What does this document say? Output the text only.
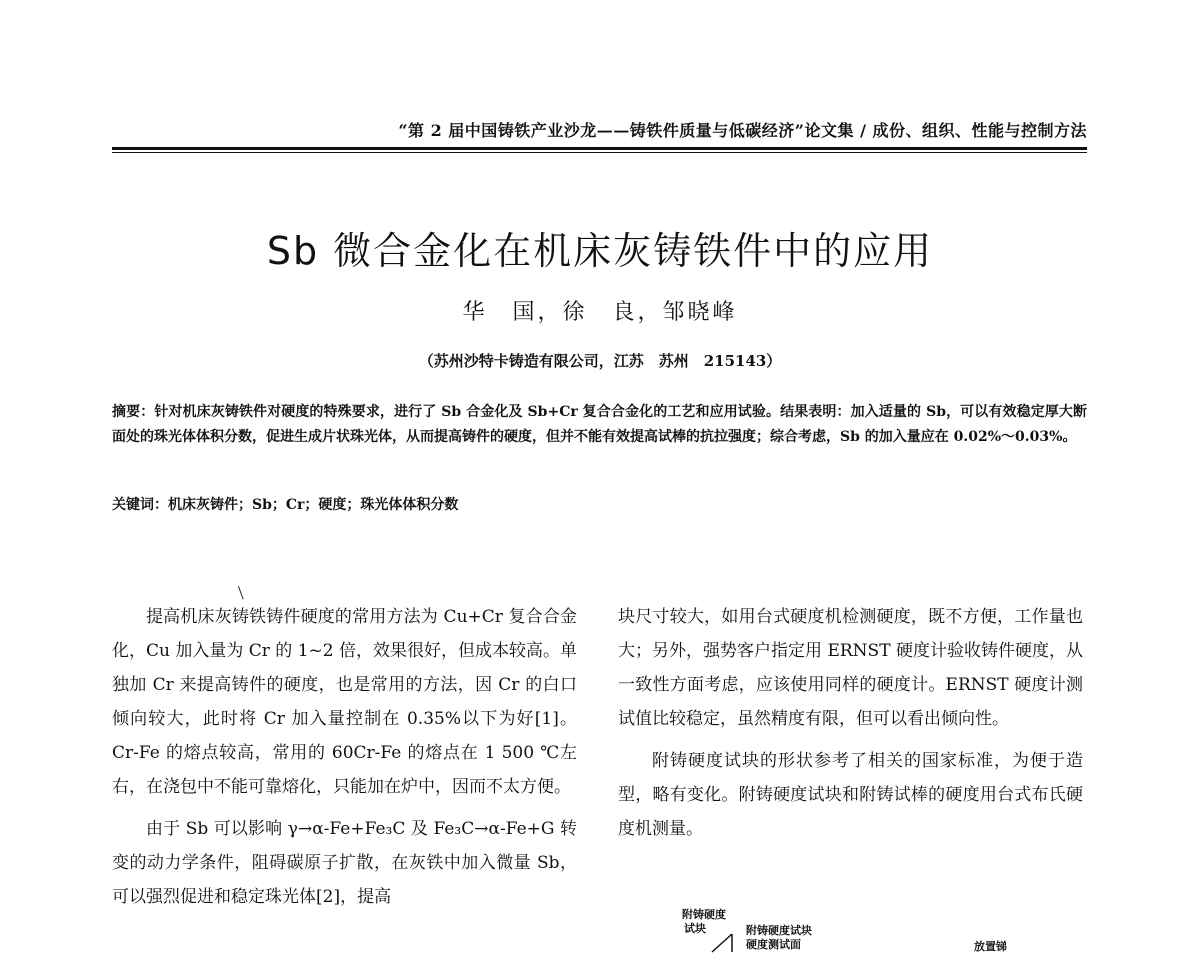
“第 2 届中国铸铁产业沙龙——铸铁件质量与低碳经济”论文集 / 成份、组织、性能与控制方法
Sb 微合金化在机床灰铸铁件中的应用
华　国，徐　良，邹晓峰
（苏州沙特卡铸造有限公司，江苏　苏州　215143）
摘要：针对机床灰铸铁件对硬度的特殊要求，进行了 Sb 合金化及 Sb+Cr 复合合金化的工艺和应用试验。结果表明：加入适量的 Sb，可以有效稳定厚大断面处的珠光体体积分数，促进生成片状珠光体，从而提高铸件的硬度，但并不能有效提高试棒的抗拉强度；综合考虑，Sb 的加入量应在 0.02%～0.03%。
关键词：机床灰铸件；Sb；Cr；硬度；珠光体体积分数

提高机床灰铸铁铸件硬度的常用方法为 Cu+Cr 复合合金化，Cu 加入量为 Cr 的 1~2 倍，效果很好，但成本较高。单独加 Cr 来提高铸件的硬度，也是常用的方法，因 Cr 的白口倾向较大，此时将 Cr 加入量控制在 0.35%以下为好[1]。Cr-Fe 的熔点较高，常用的 60Cr-Fe 的熔点在 1 500 ℃左右，在浇包中不能可靠熔化，只能加在炉中，因而不太方便。

由于 Sb 可以影响 γ→α-Fe+Fe₃C 及 Fe₃C→α-Fe+G 转变的动力学条件，阻碍碳原子扩散，在灰铁中加入微量 Sb，可以强烈促进和稳定珠光体[2]，提高

块尺寸较大，如用台式硬度机检测硬度，既不方便，工作量也大；另外，强势客户指定用 ERNST 硬度计验收铸件硬度，从一致性方面考虑，应该使用同样的硬度计。ERNST 硬度计测试值比较稳定，虽然精度有限，但可以看出倾向性。

附铸硬度试块的形状参考了相关的国家标准，为便于造型，略有变化。附铸硬度试块和附铸试棒的硬度用台式布氏硬度机测量。

附铸硬度
试块	附铸硬度试块
硬度测试面	放置锑
